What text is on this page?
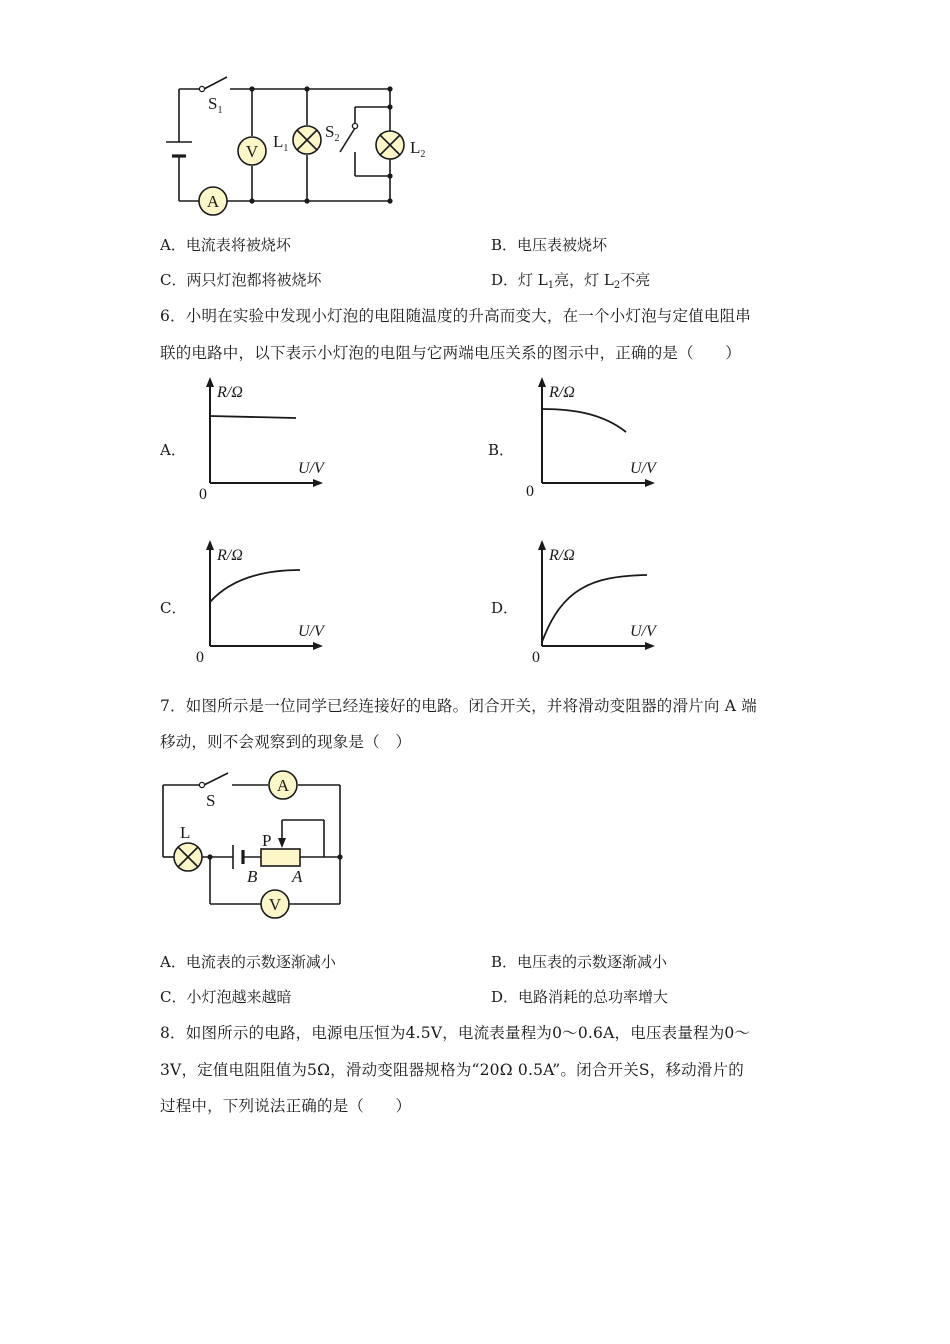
V
A
$S_1$
$L_1$
$S_2$	$L_2$
A．电流表将被烧坏	B．电压表被烧坏
C．两只灯泡都将被烧坏	D．灯 $L_1$亮，灯 $L_2$不亮
6．小明在实验中发现小灯泡的电阻随温度的升高而变大，在一个小灯泡与定值电阻串
联的电路中，以下表示小灯泡的电阻与它两端电压关系的图示中，正确的是（　　）
A．
R/Ω
U/V
0
B．
R/Ω
U/V
0
C．
R/Ω
U/V
0
D．
R/Ω
U/V
0
7．如图所示是一位同学已经连接好的电路。闭合开关，并将滑动变阻器的滑片向 A 端
移动，则不会观察到的现象是（　）
A
V
S
L	P
B A
A．电流表的示数逐渐减小	B．电压表的示数逐渐减小
C．小灯泡越来越暗	D．电路消耗的总功率增大
8．如图所示的电路，电源电压恒为4.5V，电流表量程为0～0.6A，电压表量程为0～
3V，定值电阻阻值为5Ω，滑动变阻器规格为“20Ω 0.5A”。闭合开关S，移动滑片的
过程中，下列说法正确的是（　　）
